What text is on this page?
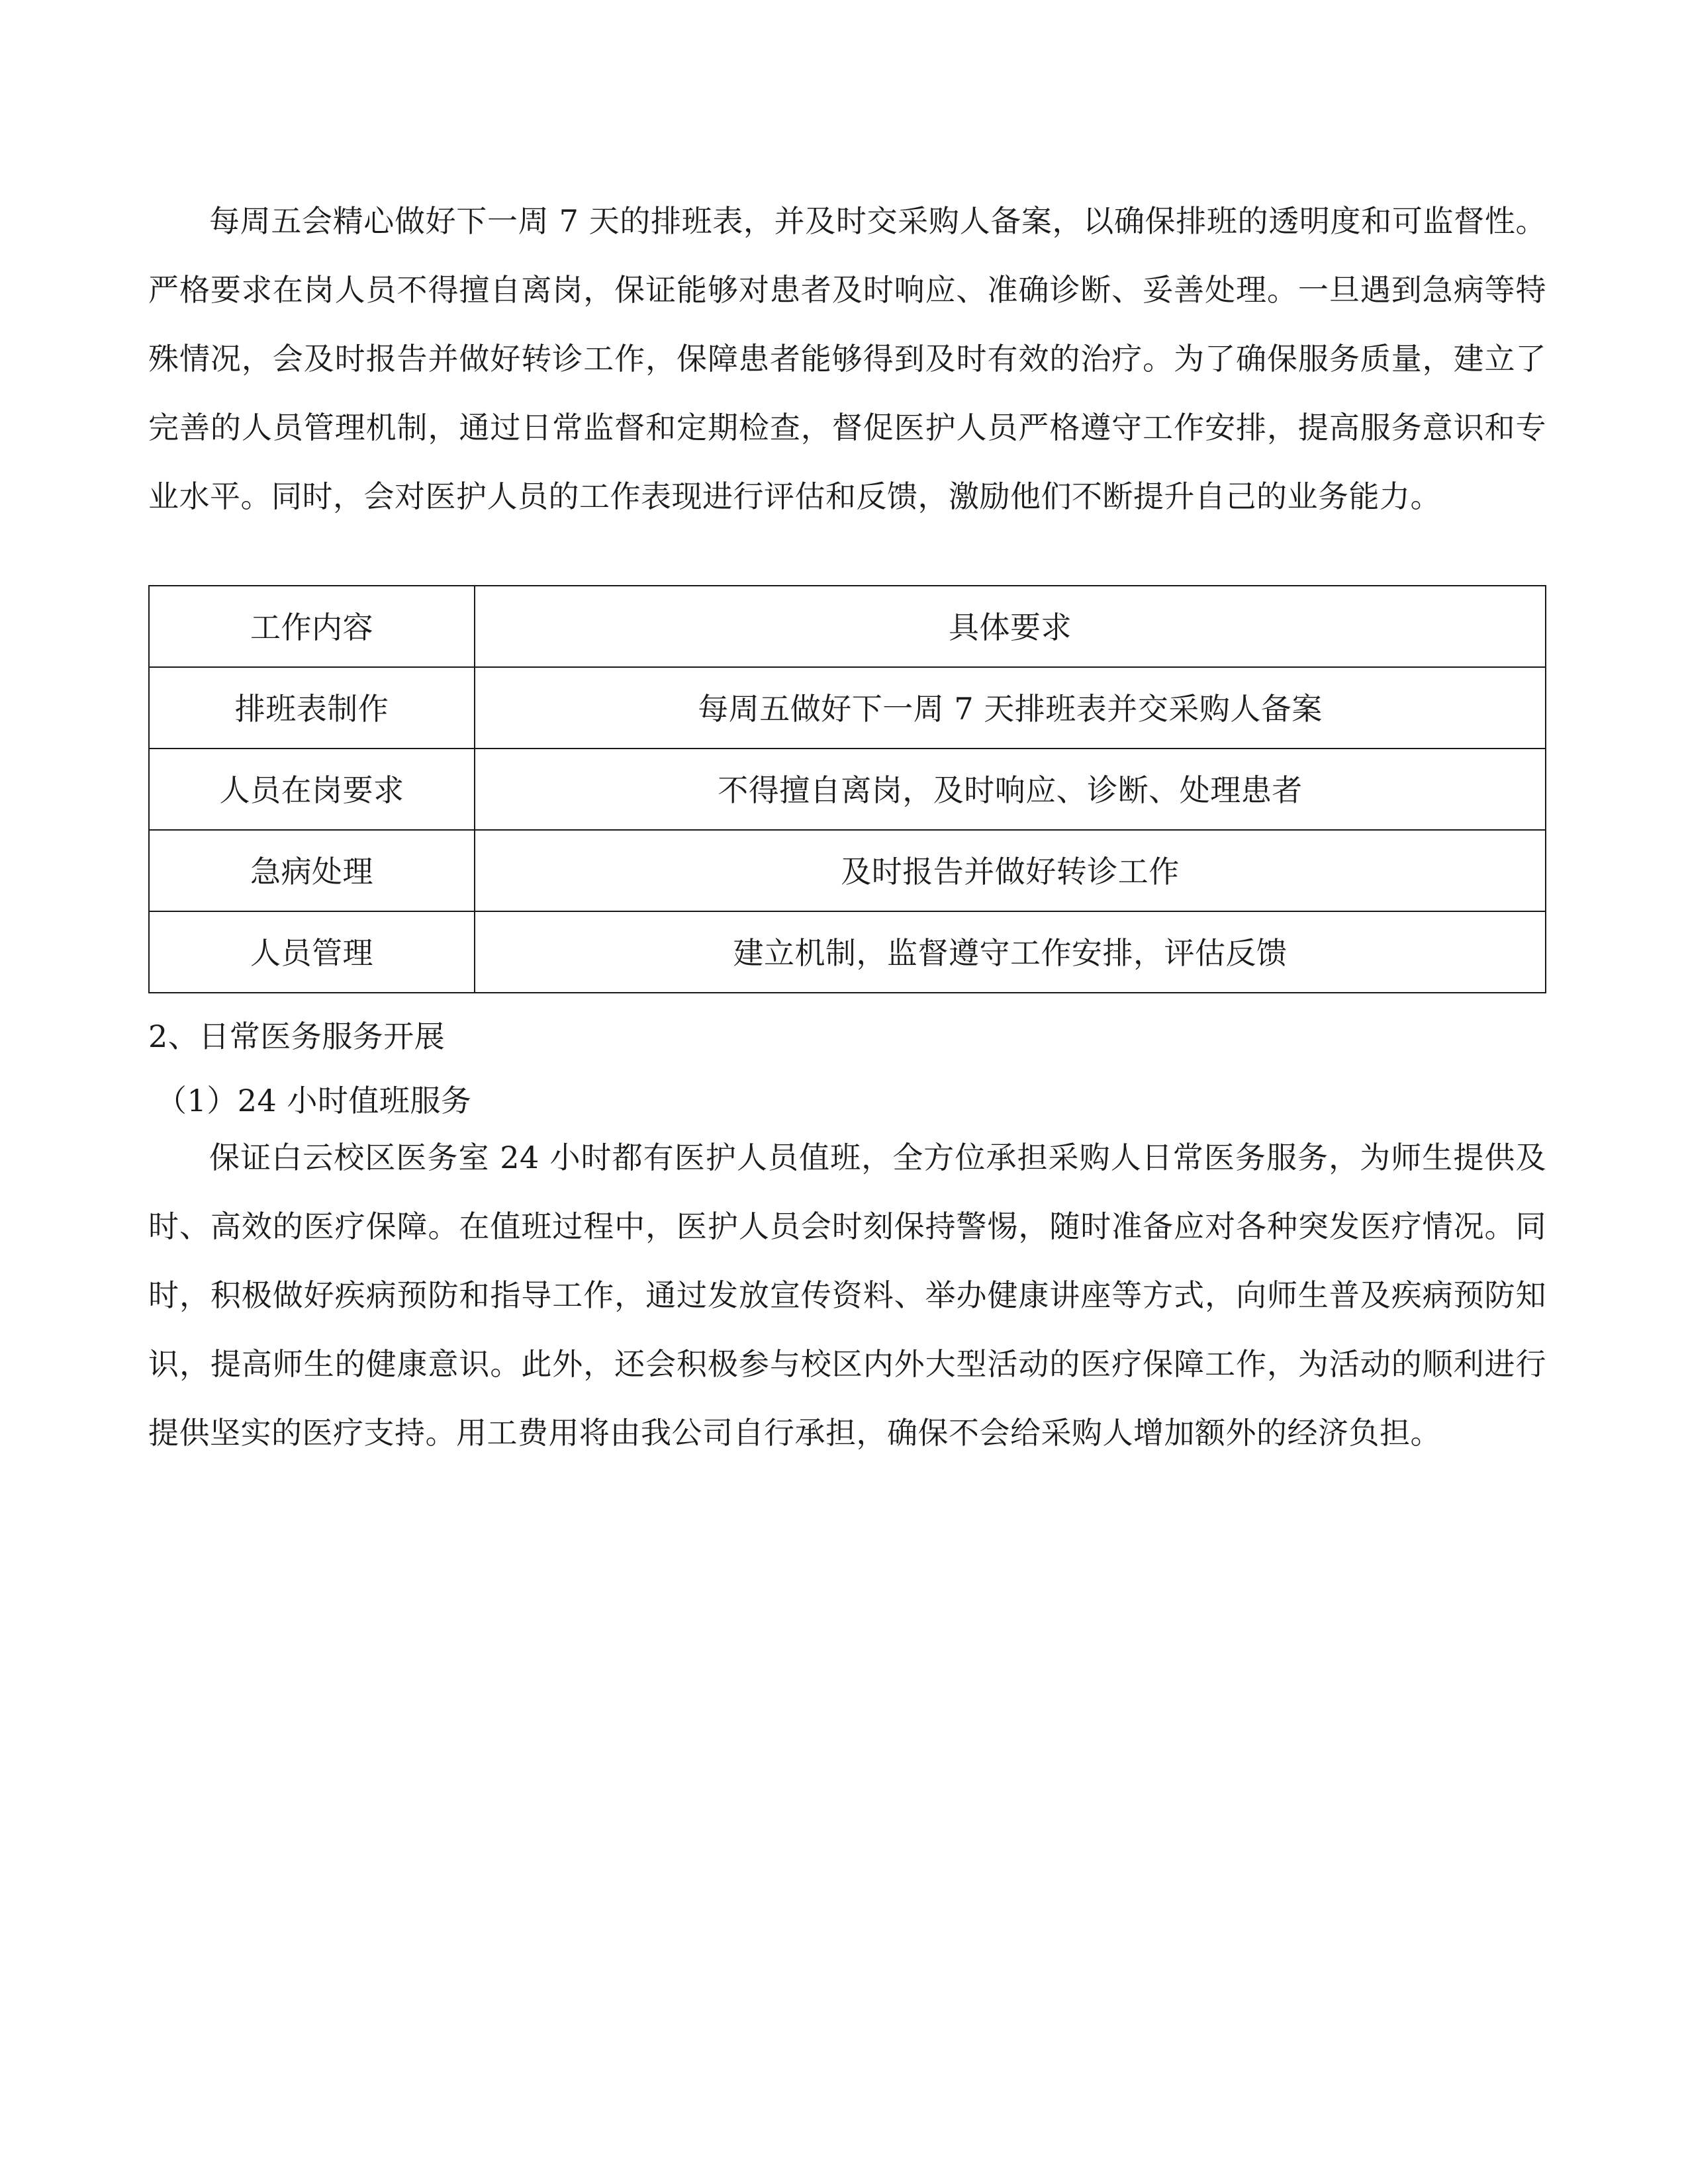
每周五会精心做好下一周 7 天的排班表，并及时交采购人备案，以确保排班的透明度和可监督性。严格要求在岗人员不得擅自离岗，保证能够对患者及时响应、准确诊断、妥善处理。一旦遇到急病等特殊情况，会及时报告并做好转诊工作，保障患者能够得到及时有效的治疗。为了确保服务质量，建立了完善的人员管理机制，通过日常监督和定期检查，督促医护人员严格遵守工作安排，提高服务意识和专业水平。同时，会对医护人员的工作表现进行评估和反馈，激励他们不断提升自己的业务能力。

工作内容	具体要求

排班表制作	每周五做好下一周 7 天排班表并交采购人备案

人员在岗要求	不得擅自离岗，及时响应、诊断、处理患者

急病处理	及时报告并做好转诊工作

人员管理	建立机制，监督遵守工作安排，评估反馈

2、日常医务服务开展

（1）24 小时值班服务

保证白云校区医务室 24 小时都有医护人员值班，全方位承担采购人日常医务服务，为师生提供及时、高效的医疗保障。在值班过程中，医护人员会时刻保持警惕，随时准备应对各种突发医疗情况。同时，积极做好疾病预防和指导工作，通过发放宣传资料、举办健康讲座等方式，向师生普及疾病预防知识，提高师生的健康意识。此外，还会积极参与校区内外大型活动的医疗保障工作，为活动的顺利进行提供坚实的医疗支持。用工费用将由我公司自行承担，确保不会给采购人增加额外的经济负担。
